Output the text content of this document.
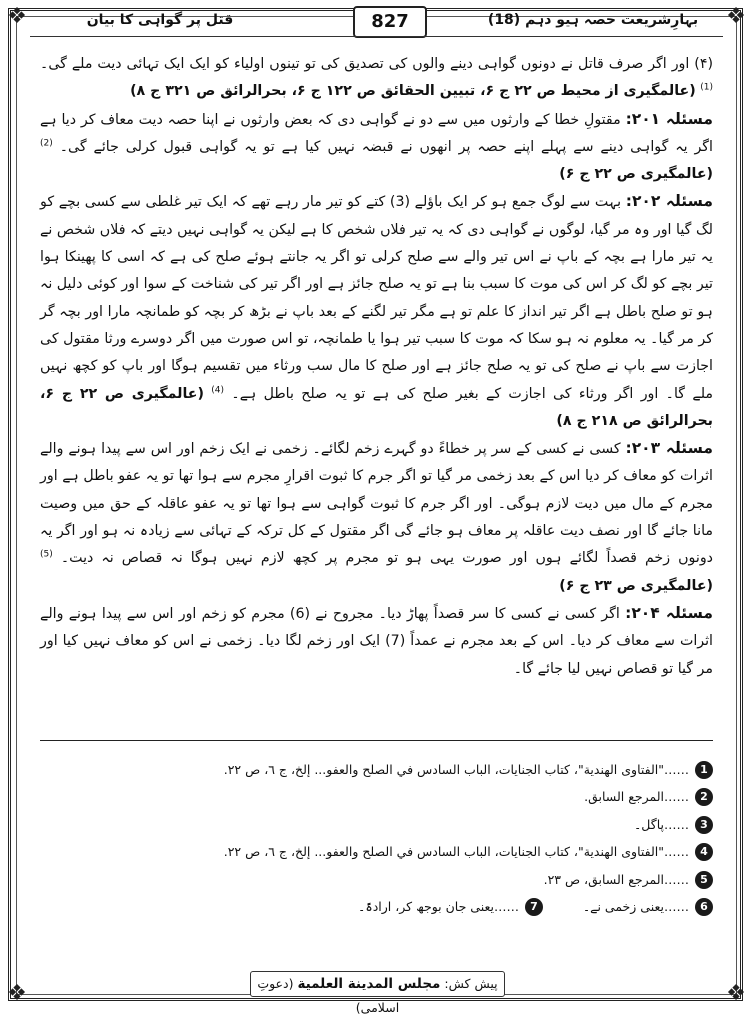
❖	❖
❖	❖
قتل پر گواہی کا بیان	827	بہارِشریعت حصہ ہیو دہم (18)

(۴) اور اگر صرف قاتل نے دونوں گواہی دینے والوں کی تصدیق کی تو تینوں اولیاء کو ایک ایک تہائی دیت ملے گی۔ $^{(1)}$ (عالمگیری از محیط ص ۲۲ ج ۶، تبیین الحقائق ص ۱۲۲ ج ۶، بحرالرائق ص ۳۲۱ ج ۸)

مسئلہ ۲۰۱: مقتولِ خطا کے وارثوں میں سے دو نے گواہی دی کہ بعض وارثوں نے اپنا حصہ دیت معاف کر دیا ہے اگر یہ گواہی دینے سے پہلے اپنے حصہ پر انھوں نے قبضہ نہیں کیا ہے تو یہ گواہی قبول کرلی جائے گی۔ $^{(2)}$ (عالمگیری ص ۲۲ ج ۶)

مسئلہ ۲۰۲: بہت سے لوگ جمع ہو کر ایک باؤلے (3) کتے کو تیر مار رہے تھے کہ ایک تیر غلطی سے کسی بچے کو لگ گیا اور وہ مر گیا، لوگوں نے گواہی دی کہ یہ تیر فلاں شخص کا ہے لیکن یہ گواہی نہیں دیتے کہ فلاں شخص نے یہ تیر مارا ہے بچہ کے باپ نے اس تیر والے سے صلح کرلی تو اگر یہ جانتے ہوئے صلح کی ہے کہ اسی کا پھینکا ہوا تیر بچے کو لگ کر اس کی موت کا سبب بنا ہے تو یہ صلح جائز ہے اور اگر تیر کی شناخت کے سوا اور کوئی دلیل نہ ہو تو صلح باطل ہے اگر تیر انداز کا علم تو ہے مگر تیر لگنے کے بعد باپ نے بڑھ کر بچہ کو طمانچہ مارا اور بچہ گر کر مر گیا۔ یہ معلوم نہ ہو سکا کہ موت کا سبب تیر ہوا یا طمانچہ، تو اس صورت میں اگر دوسرے ورثا مقتول کی اجازت سے باپ نے صلح کی تو یہ صلح جائز ہے اور صلح کا مال سب ورثاء میں تقسیم ہوگا اور باپ کو کچھ نہیں ملے گا۔ اور اگر ورثاء کی اجازت کے بغیر صلح کی ہے تو یہ صلح باطل ہے۔ $^{(4)}$ (عالمگیری ص ۲۲ ج ۶، بحرالرائق ص ۲۱۸ ج ۸)

مسئلہ ۲۰۳: کسی نے کسی کے سر پر خطاءً دو گہرے زخم لگائے۔ زخمی نے ایک زخم اور اس سے پیدا ہونے والے اثرات کو معاف کر دیا اس کے بعد زخمی مر گیا تو اگر جرم کا ثبوت اقرارِ مجرم سے ہوا تھا تو یہ عفو باطل ہے اور مجرم کے مال میں دیت لازم ہوگی۔ اور اگر جرم کا ثبوت گواہی سے ہوا تھا تو یہ عفو عاقلہ کے حق میں وصیت مانا جائے گا اور نصف دیت عاقلہ پر معاف ہو جائے گی اگر مقتول کے کل ترکہ کے تہائی سے زیادہ نہ ہو اور اگر یہ دونوں زخم قصداً لگائے ہوں اور صورت یہی ہو تو مجرم پر کچھ لازم نہیں ہوگا نہ قصاص نہ دیت۔ $^{(5)}$ (عالمگیری ص ۲۳ ج ۶)

مسئلہ ۲۰۴: اگر کسی نے کسی کا سر قصداً پھاڑ دیا۔ مجروح نے (6) مجرم کو زخم اور اس سے پیدا ہونے والے اثرات سے معاف کر دیا۔ اس کے بعد مجرم نے عمداً (7) ایک اور زخم لگا دیا۔ زخمی نے اس کو معاف نہیں کیا اور مر گیا تو قصاص نہیں لیا جائے گا۔

1
……"الفتاوى الهندية"، كتاب الجنايات، الباب السادس في الصلح والعفو... إلخ، ج ٦، ص ٢٢.
2
……المرجع السابق.
3
……پاگل۔
4
……"الفتاوى الهندية"، كتاب الجنايات، الباب السادس في الصلح والعفو... إلخ، ج ٦، ص ٢٢.
5
……المرجع السابق، ص ٢٣.
6
……یعنی زخمی نے۔
7
……یعنی جان بوجھ کر، ارادۃً۔
پیش کش: مجلس المدينة العلمية (دعوتِ اسلامی)
